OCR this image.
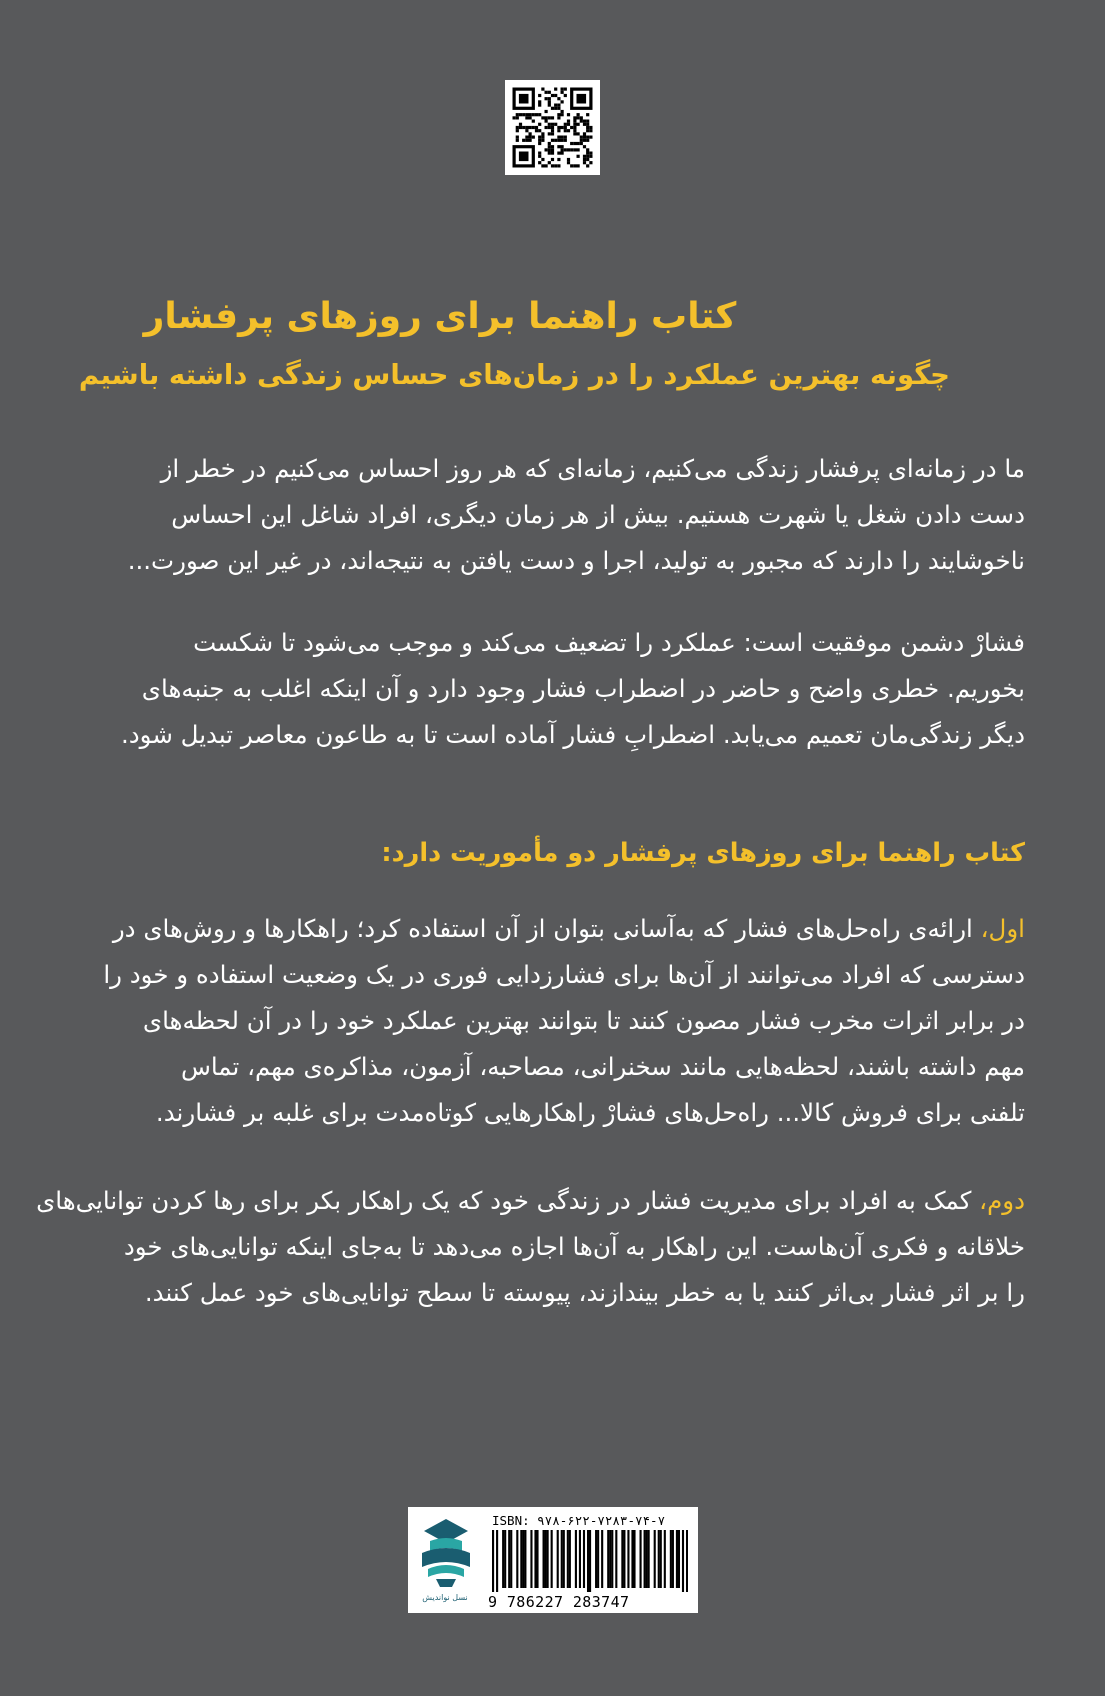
کتاب راهنما برای روزهای پرفشار
چگونه بهترین عملکرد را در زمان‌های حساس زندگی داشته باشیم

ما در زمانه‌ای پرفشار زندگی می‌کنیم، زمانه‌ای که هر روز احساس می‌کنیم در خطر از
دست دادن شغل یا شهرت هستیم. بیش از هر زمان دیگری، افراد شاغل این احساس
ناخوشایند را دارند که مجبور به تولید، اجرا و دست یافتن به نتیجه‌اند، در غیر این صورت...

فشارْ دشمن موفقیت است: عملکرد را تضعیف می‌کند و موجب می‌شود تا شکست
بخوریم. خطری واضح و حاضر در اضطراب فشار وجود دارد و آن اینکه اغلب به جنبه‌های
دیگر زندگی‌مان تعمیم می‌یابد. اضطرابِ فشار آماده است تا به طاعون معاصر تبدیل شود.

کتاب راهنما برای روزهای پرفشار دو مأموریت دارد:

اول، ارائه‌ی راه‌حل‌های فشار که به‌آسانی بتوان از آن استفاده کرد؛ راهکارها و روش‌های در
دسترسی که افراد می‌توانند از آن‌ها برای فشارزدایی فوری در یک وضعیت استفاده و خود را
در برابر اثرات مخرب فشار مصون کنند تا بتوانند بهترین عملکرد خود را در آن لحظه‌های
مهم داشته باشند، لحظه‌هایی مانند سخنرانی، مصاحبه، آزمون، مذاکره‌ی مهم، تماس
تلفنی برای فروش کالا... راه‌حل‌های فشارْ راهکارهایی کوتاه‌مدت برای غلبه بر فشارند.

دوم، کمک به افراد برای مدیریت فشار در زندگی خود که یک راهکار بکر برای رها کردن توانایی‌های
خلاقانه و فکری آن‌هاست. این راهکار به آن‌ها اجازه می‌دهد تا به‌جای اینکه توانایی‌های خود
را بر اثر فشار بی‌اثر کنند یا به خطر بیندازند، پیوسته تا سطح توانایی‌های خود عمل کنند.

نسل نواندیش

ISBN: ۹۷۸-۶۲۲-۷۲۸۳-۷۴-۷

9 786227 283747
